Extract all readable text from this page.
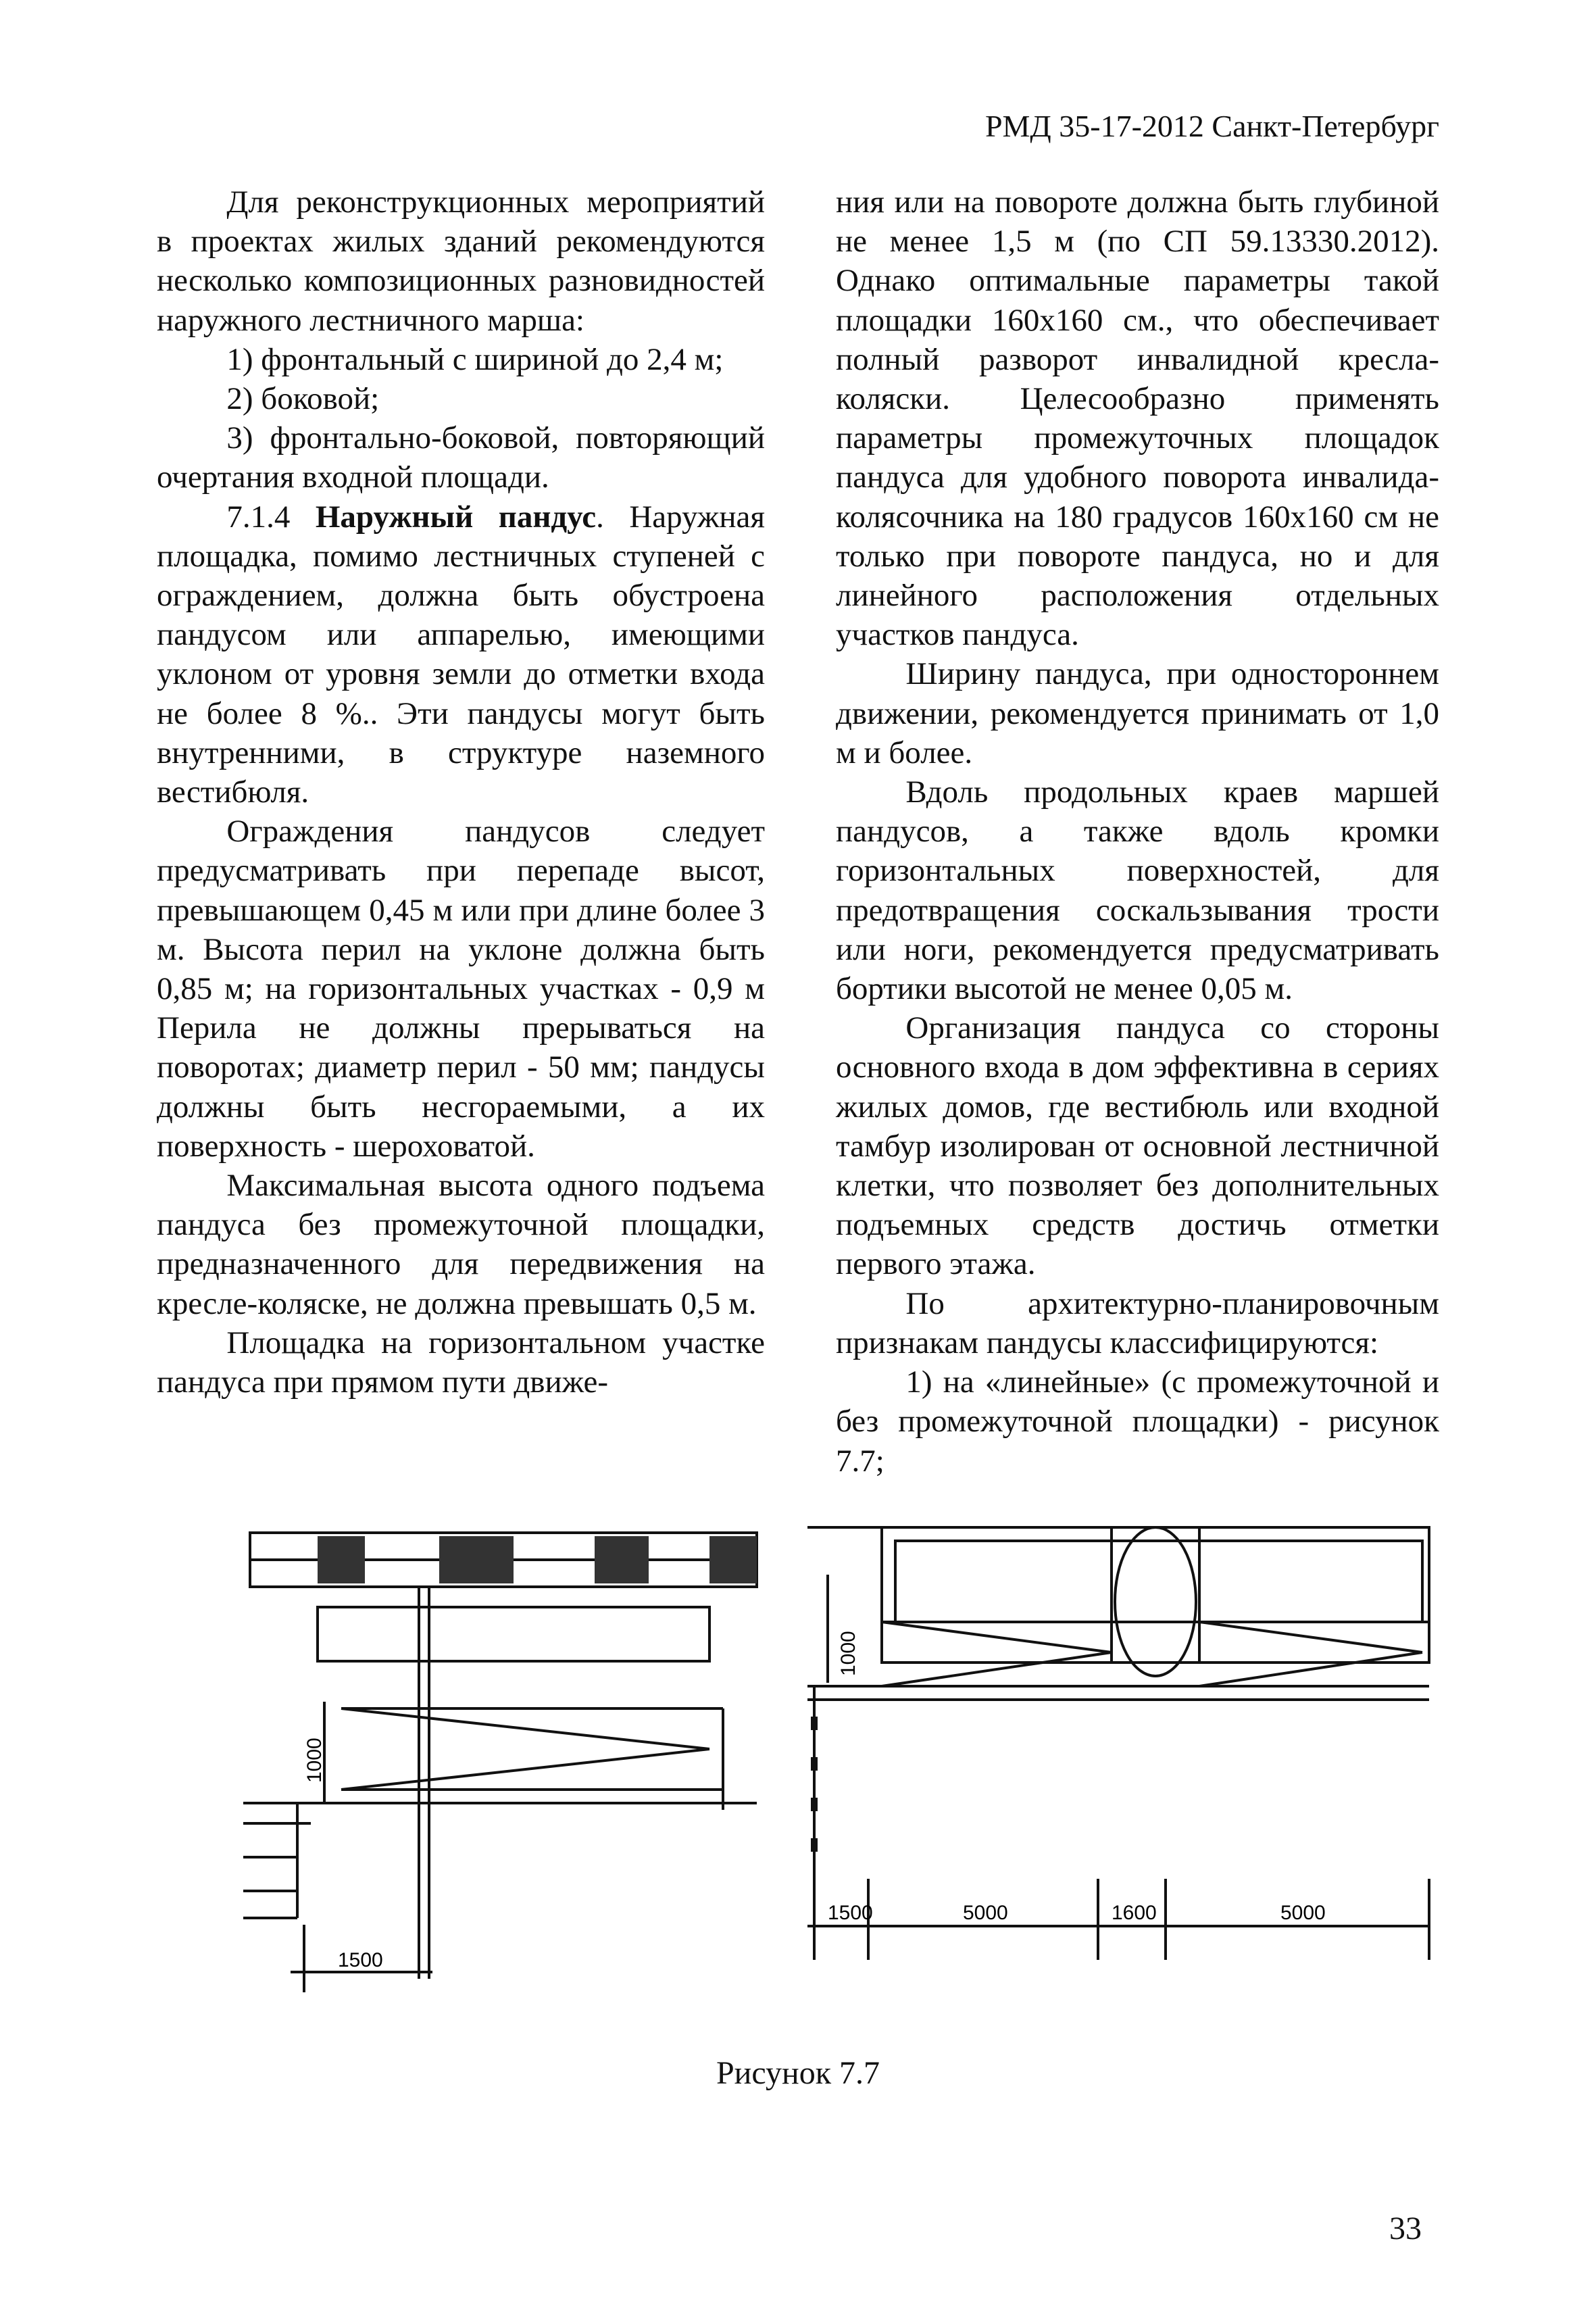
РМД 35-17-2012 Санкт-Петербург

Для реконструкционных мероприятий в проектах жилых зданий рекомендуются несколько композиционных разновидностей наружного лестничного марша:

1) фронтальный с шириной до 2,4 м;

2) боковой;

3) фронтально-боковой, повторяющий очертания входной площади.

7.1.4 Наружный пандус. Наружная площадка, помимо лестничных ступеней с ограждением, должна быть обустроена пандусом или аппарелью, имеющими уклоном от уровня земли до отметки входа не более 8 %.. Эти пандусы могут быть внутренними, в структуре наземного вестибюля.

Ограждения пандусов следует предусматривать при перепаде высот, превышающем 0,45 м или при длине более 3 м. Высота перил на уклоне должна быть 0,85 м; на горизонтальных участках - 0,9 м Перила не должны прерываться на поворотах; диаметр перил - 50 мм; пандусы должны быть несгораемыми, а их поверхность - шероховатой.

Максимальная высота одного подъема пандуса без промежуточной площадки, предназначенного для передвижения на кресле-коляске, не должна превышать 0,5 м.

Площадка на горизонтальном участке пандуса при прямом пути движе-

ния или на повороте должна быть глубиной не менее 1,5 м (по СП 59.13330.2012). Однако оптимальные параметры такой площадки 160x160 см., что обеспечивает полный разворот инвалидной кресла-коляски. Целесообразно применять параметры промежуточных площадок пандуса для удобного поворота инвалида-колясочника на 180 градусов 160x160 см не только при повороте пандуса, но и для линейного расположения отдельных участков пандуса.

Ширину пандуса, при одностороннем движении, рекомендуется принимать от 1,0 м и более.

Вдоль продольных краев маршей пандусов, а также вдоль кромки горизонтальных поверхностей, для предотвращения соскальзывания трости или ноги, рекомендуется предусматривать бортики высотой не менее 0,05 м.

Организация пандуса со стороны основного входа в дом эффективна в сериях жилых домов, где вестибюль или входной тамбур изолирован от основной лестничной клетки, что позволяет без дополнительных подъемных средств достичь отметки первого этажа.

По архитектурно-планировочным признакам пандусы классифицируются:

1) на «линейные» (с промежуточной и без промежуточной площадки) - рисунок 7.7;

1000
1500
1000
1500	5000	1600	5000
Рисунок 7.7
33
